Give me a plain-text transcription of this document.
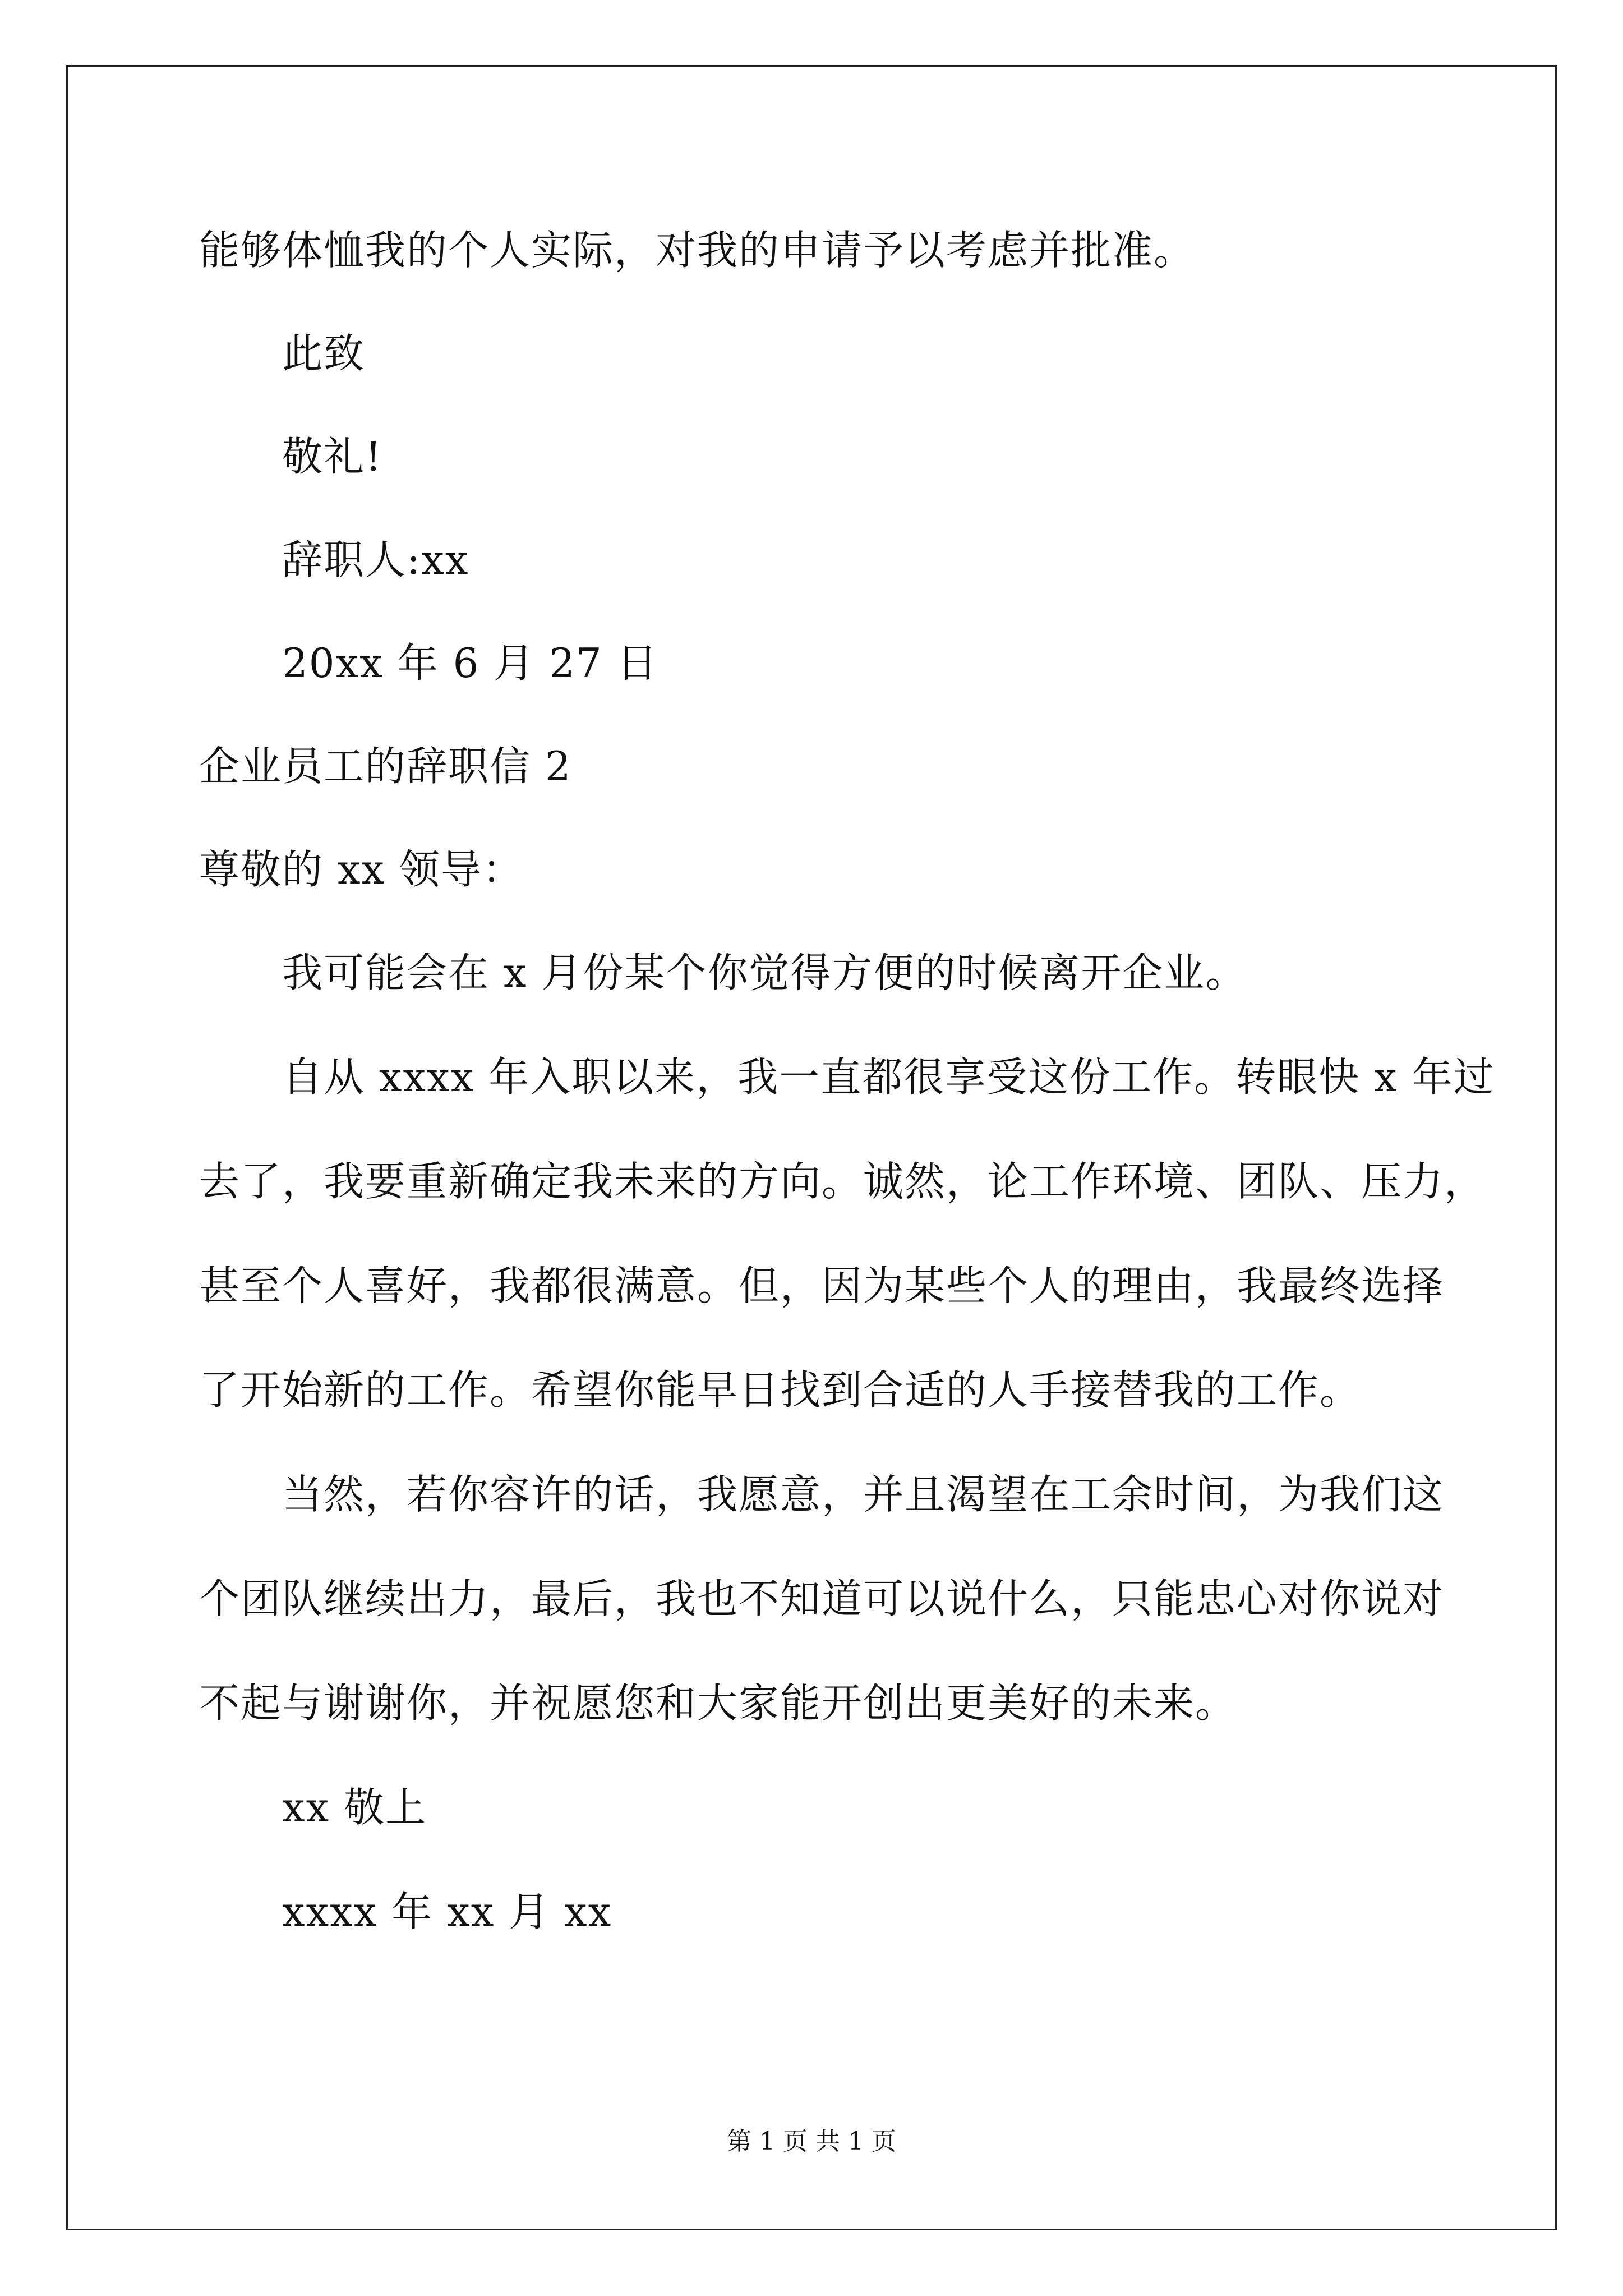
能够体恤我的个人实际，对我的申请予以考虑并批准。
此致
敬礼!
辞职人:xx
20xx 年 6 月 27 日
企业员工的辞职信 2
尊敬的 xx 领导：
我可能会在 x 月份某个你觉得方便的时候离开企业。
自从 xxxx 年入职以来，我一直都很享受这份工作。转眼快 x 年过
去了，我要重新确定我未来的方向。诚然，论工作环境、团队、压力，
甚至个人喜好，我都很满意。但，因为某些个人的理由，我最终选择
了开始新的工作。希望你能早日找到合适的人手接替我的工作。
当然，若你容许的话，我愿意，并且渴望在工余时间，为我们这
个团队继续出力，最后，我也不知道可以说什么，只能忠心对你说对
不起与谢谢你，并祝愿您和大家能开创出更美好的未来。
xx 敬上
xxxx 年 xx 月 xx
第 1 页 共 1 页
